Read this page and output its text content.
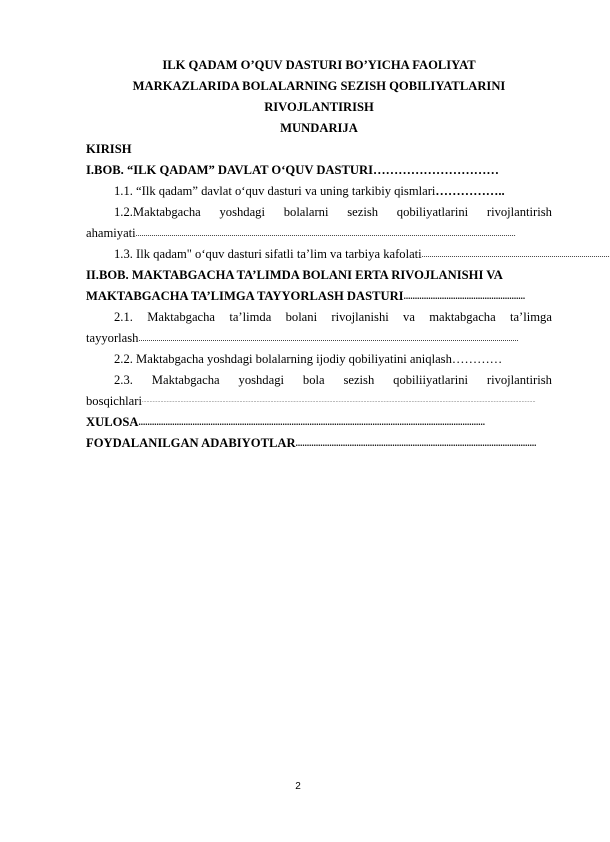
ILK QADAM O’QUV DASTURI BO’YICHA FAOLIYAT
MARKAZLARIDA BOLALARNING SEZISH QOBILIYATLARINI
RIVOJLANTIRISH
MUNDARIJA
KIRISH
I.BOB. “ILK QADAM” DAVLAT O‘QUV DASTURI …………………………
1.1. “Ilk qadam” davlat o‘quv dasturi va uning tarkibiy qismlari……………..
1.2.Maktabgacha yoshdagi bolalarni sezish qobiliyatlarini rivojlantirish
ahamiyati ..............................................................................................................................................................................................
1.3. Ilk qadam" o‘quv dasturi sifatli ta’lim va tarbiya kafolati ..............................................................................................
II.BOB. MAKTABGACHA TA’LIMDA BOLANI ERTA RIVOJLANISHI VA
MAKTABGACHA TA’LIMGA TAYYORLASH DASTURI ......................................................
2.1. Maktabgacha ta’limda bolani rivojlanishi va maktabgacha ta’limga
tayyorlash ..............................................................................................................................................................................................
2.2. Maktabgacha yoshdagi bolalarning ijodiy qobiliyatini aniqlash…………
2.3. Maktabgacha yoshdagi bola sezish qobiliiyatlarini rivojlantirish
bosqichlari ..............................................................................................................................................................................................................................................................
XULOSA ..........................................................................................................................................................
FOYDALANILGAN ADABIYOTLAR ...........................................................................................................
2
